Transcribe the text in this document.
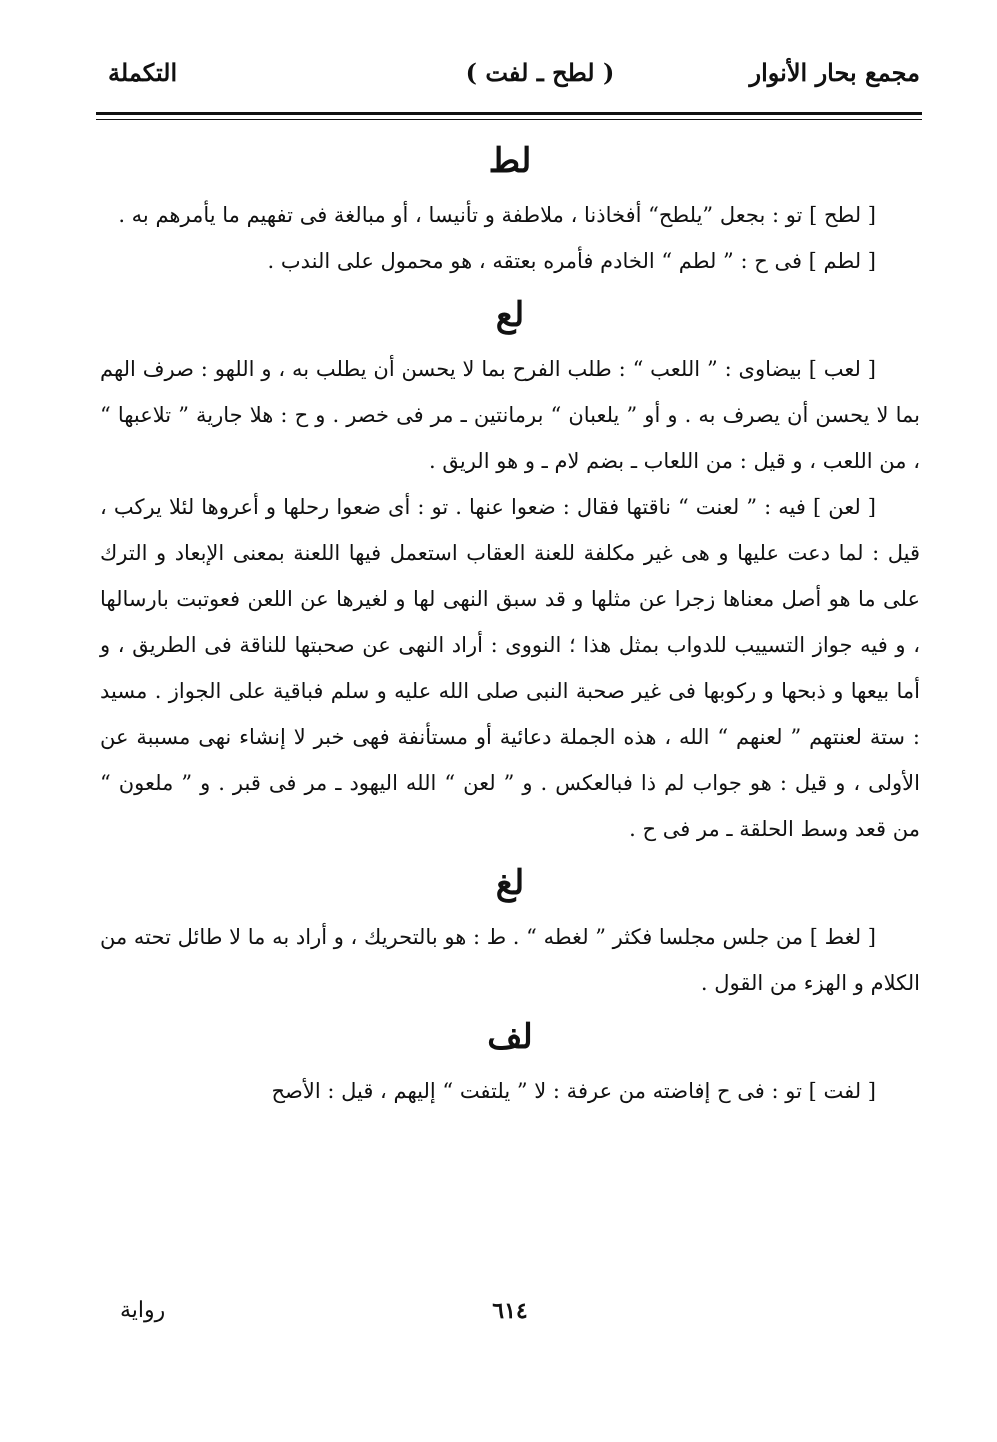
مجمع بحار الأنوار
( لطح ـ لفت )
التكملة
لط

[ لطح ] تو : بجعل ”يلطح“ أفخاذنا ، ملاطفة و تأنيسا ، أو مبالغة فى تفهيم ما يأمرهم به .

[ لطم ] فى ح : ” لطم “ الخادم فأمره بعتقه ، هو محمول على الندب .

لع

[ لعب ] بيضاوى : ” اللعب “ : طلب الفرح بما لا يحسن أن يطلب به ، و اللهو : صرف الهم بما لا يحسن أن يصرف به . و أو ” يلعبان “ برمانتين ـ مر فى خصر . و ح : هلا جارية ” تلاعبها “ ، من اللعب ، و قيل : من اللعاب ـ بضم لام ـ و هو الريق .

[ لعن ] فيه : ” لعنت “ ناقتها فقال : ضعوا عنها . تو : أى ضعوا رحلها و أعروها لئلا يركب ، قيل : لما دعت عليها و هى غير مكلفة للعنة العقاب استعمل فيها اللعنة بمعنى الإبعاد و الترك على ما هو أصل معناها زجرا عن مثلها و قد سبق النهى لها و لغيرها عن اللعن فعوتبت بارسالها ، و فيه جواز التسييب للدواب بمثل هذا ؛ النووى : أراد النهى عن صحبتها للناقة فى الطريق ، و أما بيعها و ذبحها و ركوبها فى غير صحبة النبى صلى الله عليه و سلم فباقية على الجواز . مسيد : ستة لعنتهم ” لعنهم “ الله ، هذه الجملة دعائية أو مستأنفة فهى خبر لا إنشاء نهى مسببة عن الأولى ، و قيل : هو جواب لم ذا فبالعكس . و ” لعن “ الله اليهود ـ مر فى قبر . و ” ملعون “ من قعد وسط الحلقة ـ مر فى ح .

لغ

[ لغط ] من جلس مجلسا فكثر ” لغطه “ . ط : هو بالتحريك ، و أراد به ما لا طائل تحته من الكلام و الهزء من القول .

لف

[ لفت ] تو : فى ح إفاضته من عرفة : لا ” يلتفت “ إليهم ، قيل : الأصح

٦١٤
رواية
